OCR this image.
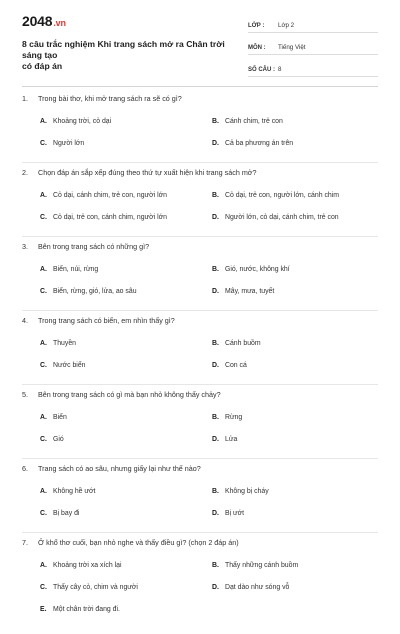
2048.vn
8 câu trắc nghiệm Khi trang sách mở ra Chân trời sáng tạo
có đáp án
LỚP :	Lớp 2
MÔN :	Tiếng Việt
SỐ CÂU : 8
1. Trong bài thơ, khi mở trang sách ra sẽ có gì?
A. Khoảng trời, cỏ dại	B. Cánh chim, trẻ con
C. Người lớn	D. Cả ba phương án trên
2. Chọn đáp án sắp xếp đúng theo thứ tự xuất hiện khi trang sách mở?
A. Cỏ dại, cánh chim, trẻ con, người lớn	B. Cỏ dại, trẻ con, người lớn, cánh chim
C. Cỏ dại, trẻ con, cánh chim, người lớn	D. Người lớn, cỏ dại, cánh chim, trẻ con
3. Bên trong trang sách có những gì?
A. Biển, núi, rừng	B. Gió, nước, không khí
C. Biển, rừng, gió, lửa, ao sâu	D. Mây, mưa, tuyết
4. Trong trang sách có biển, em nhìn thấy gì?
A. Thuyền	B. Cánh buồm
C. Nước biển	D. Con cá
5. Bên trong trang sách có gì mà bạn nhỏ không thấy chảy?
A. Biển	B. Rừng
C. Gió	D. Lửa
6. Trang sách có ao sâu, nhưng giấy lại như thế nào?
A. Không hề ướt	B. Không bị cháy
C. Bị bay đi	D. Bị ướt
7. Ở khổ thơ cuối, bạn nhỏ nghe và thấy điều gì? (chọn 2 đáp án)
A. Khoảng trời xa xích lại	B. Thấy những cánh buồm
C. Thấy cây cỏ, chim và người	D. Dạt dào như sóng vỗ
E. Một chân trời đang đi.
